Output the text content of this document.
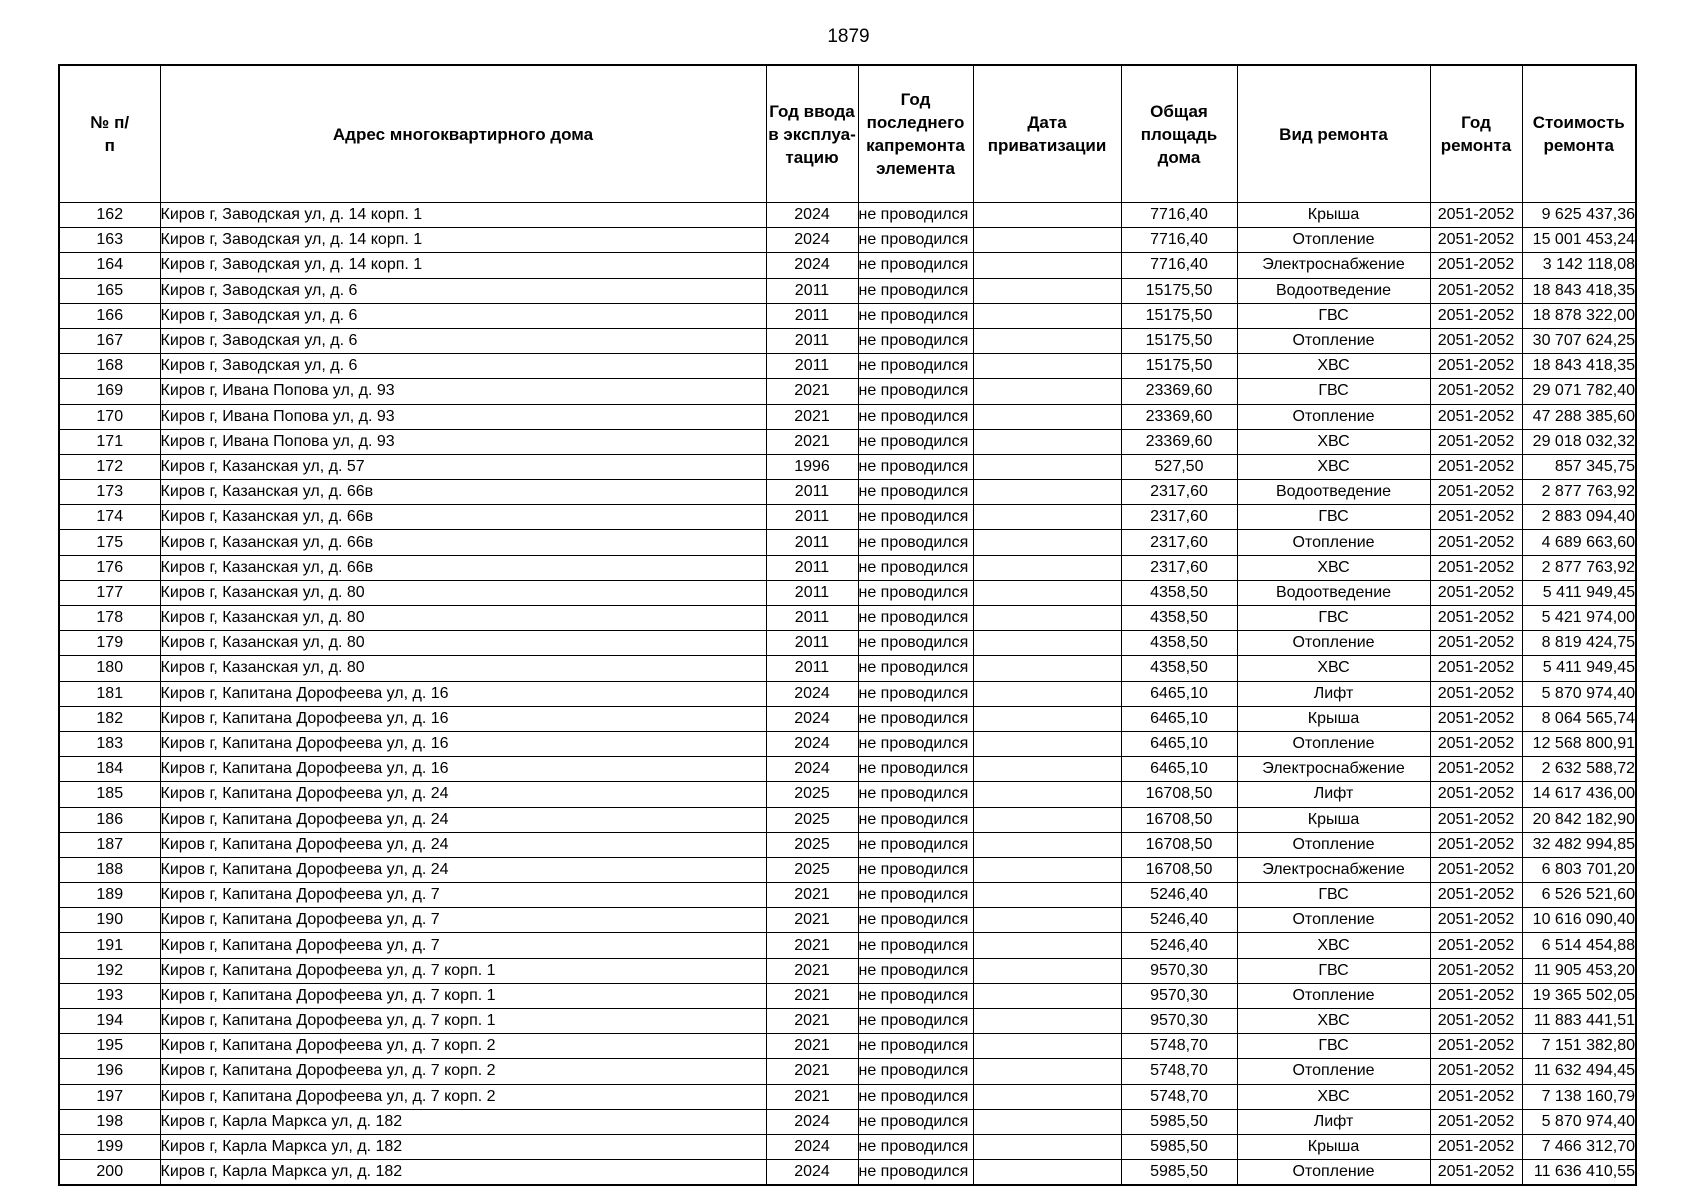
1879
№ п/п	Адрес многоквартирного дома	Год ввода в эксплуа-тацию	Год последнего капремонта элемента	Дата приватизации	Общая площадь дома	Вид ремонта	Год ремонта	Стоимость ремонта
162	Киров г, Заводская ул, д. 14 корп. 1	2024	не проводился		7716,40	Крыша	2051-2052	9 625 437,36
163	Киров г, Заводская ул, д. 14 корп. 1	2024	не проводился		7716,40	Отопление	2051-2052	15 001 453,24
164	Киров г, Заводская ул, д. 14 корп. 1	2024	не проводился		7716,40	Электроснабжение	2051-2052	3 142 118,08
165	Киров г, Заводская ул, д. 6	2011	не проводился		15175,50	Водоотведение	2051-2052	18 843 418,35
166	Киров г, Заводская ул, д. 6	2011	не проводился		15175,50	ГВС	2051-2052	18 878 322,00
167	Киров г, Заводская ул, д. 6	2011	не проводился		15175,50	Отопление	2051-2052	30 707 624,25
168	Киров г, Заводская ул, д. 6	2011	не проводился		15175,50	ХВС	2051-2052	18 843 418,35
169	Киров г, Ивана Попова ул, д. 93	2021	не проводился		23369,60	ГВС	2051-2052	29 071 782,40
170	Киров г, Ивана Попова ул, д. 93	2021	не проводился		23369,60	Отопление	2051-2052	47 288 385,60
171	Киров г, Ивана Попова ул, д. 93	2021	не проводился		23369,60	ХВС	2051-2052	29 018 032,32
172	Киров г, Казанская ул, д. 57	1996	не проводился		527,50	ХВС	2051-2052	857 345,75
173	Киров г, Казанская ул, д. 66в	2011	не проводился		2317,60	Водоотведение	2051-2052	2 877 763,92
174	Киров г, Казанская ул, д. 66в	2011	не проводился		2317,60	ГВС	2051-2052	2 883 094,40
175	Киров г, Казанская ул, д. 66в	2011	не проводился		2317,60	Отопление	2051-2052	4 689 663,60
176	Киров г, Казанская ул, д. 66в	2011	не проводился		2317,60	ХВС	2051-2052	2 877 763,92
177	Киров г, Казанская ул, д. 80	2011	не проводился		4358,50	Водоотведение	2051-2052	5 411 949,45
178	Киров г, Казанская ул, д. 80	2011	не проводился		4358,50	ГВС	2051-2052	5 421 974,00
179	Киров г, Казанская ул, д. 80	2011	не проводился		4358,50	Отопление	2051-2052	8 819 424,75
180	Киров г, Казанская ул, д. 80	2011	не проводился		4358,50	ХВС	2051-2052	5 411 949,45
181	Киров г, Капитана Дорофеева ул, д. 16	2024	не проводился		6465,10	Лифт	2051-2052	5 870 974,40
182	Киров г, Капитана Дорофеева ул, д. 16	2024	не проводился		6465,10	Крыша	2051-2052	8 064 565,74
183	Киров г, Капитана Дорофеева ул, д. 16	2024	не проводился		6465,10	Отопление	2051-2052	12 568 800,91
184	Киров г, Капитана Дорофеева ул, д. 16	2024	не проводился		6465,10	Электроснабжение	2051-2052	2 632 588,72
185	Киров г, Капитана Дорофеева ул, д. 24	2025	не проводился		16708,50	Лифт	2051-2052	14 617 436,00
186	Киров г, Капитана Дорофеева ул, д. 24	2025	не проводился		16708,50	Крыша	2051-2052	20 842 182,90
187	Киров г, Капитана Дорофеева ул, д. 24	2025	не проводился		16708,50	Отопление	2051-2052	32 482 994,85
188	Киров г, Капитана Дорофеева ул, д. 24	2025	не проводился		16708,50	Электроснабжение	2051-2052	6 803 701,20
189	Киров г, Капитана Дорофеева ул, д. 7	2021	не проводился		5246,40	ГВС	2051-2052	6 526 521,60
190	Киров г, Капитана Дорофеева ул, д. 7	2021	не проводился		5246,40	Отопление	2051-2052	10 616 090,40
191	Киров г, Капитана Дорофеева ул, д. 7	2021	не проводился		5246,40	ХВС	2051-2052	6 514 454,88
192	Киров г, Капитана Дорофеева ул, д. 7 корп. 1	2021	не проводился		9570,30	ГВС	2051-2052	11 905 453,20
193	Киров г, Капитана Дорофеева ул, д. 7 корп. 1	2021	не проводился		9570,30	Отопление	2051-2052	19 365 502,05
194	Киров г, Капитана Дорофеева ул, д. 7 корп. 1	2021	не проводился		9570,30	ХВС	2051-2052	11 883 441,51
195	Киров г, Капитана Дорофеева ул, д. 7 корп. 2	2021	не проводился		5748,70	ГВС	2051-2052	7 151 382,80
196	Киров г, Капитана Дорофеева ул, д. 7 корп. 2	2021	не проводился		5748,70	Отопление	2051-2052	11 632 494,45
197	Киров г, Капитана Дорофеева ул, д. 7 корп. 2	2021	не проводился		5748,70	ХВС	2051-2052	7 138 160,79
198	Киров г, Карла Маркса ул, д. 182	2024	не проводился		5985,50	Лифт	2051-2052	5 870 974,40
199	Киров г, Карла Маркса ул, д. 182	2024	не проводился		5985,50	Крыша	2051-2052	7 466 312,70
200	Киров г, Карла Маркса ул, д. 182	2024	не проводился		5985,50	Отопление	2051-2052	11 636 410,55
